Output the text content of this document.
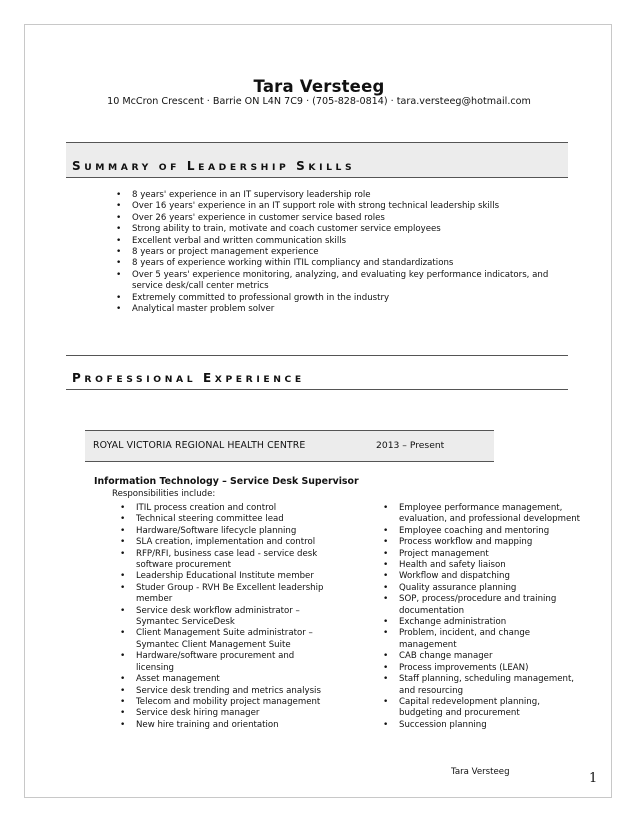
Tara Versteeg
10 McCron Crescent · Barrie ON L4N 7C9 · (705-828-0814) · tara.versteeg@hotmail.com
SUMMARY OF LEADERSHIP SKILLS
• 8 years' experience in an IT supervisory leadership role
• Over 16 years' experience in an IT support role with strong technical leadership skills
• Over 26 years' experience in customer service based roles
• Strong ability to train, motivate and coach customer service employees
• Excellent verbal and written communication skills
• 8 years or project management experience
• 8 years of experience working within ITIL compliancy and standardizations
• Over 5 years' experience monitoring, analyzing, and evaluating key performance indicators, and service desk/call center metrics
• Extremely committed to professional growth in the industry
• Analytical master problem solver
PROFESSIONAL EXPERIENCE
ROYAL VICTORIA REGIONAL HEALTH CENTRE	2013 – Present
Information Technology – Service Desk Supervisor
Responsibilities include:
• ITIL process creation and control
• Technical steering committee lead
• Hardware/Software lifecycle planning
• SLA creation, implementation and control
• RFP/RFI, business case lead - service desk software procurement
• Leadership Educational Institute member
• Studer Group - RVH Be Excellent leadership member
• Service desk workflow administrator – Symantec ServiceDesk
• Client Management Suite administrator – Symantec Client Management Suite
• Hardware/software procurement and licensing
• Asset management
• Service desk trending and metrics analysis
• Telecom and mobility project management
• Service desk hiring manager
• New hire training and orientation
• Employee performance management, evaluation, and professional development
• Employee coaching and mentoring
• Process workflow and mapping
• Project management
• Health and safety liaison
• Workflow and dispatching
• Quality assurance planning
• SOP, process/procedure and training documentation
• Exchange administration
• Problem, incident, and change management
• CAB change manager
• Process improvements (LEAN)
• Staff planning, scheduling management, and resourcing
• Capital redevelopment planning, budgeting and procurement
• Succession planning
Tara Versteeg	1
